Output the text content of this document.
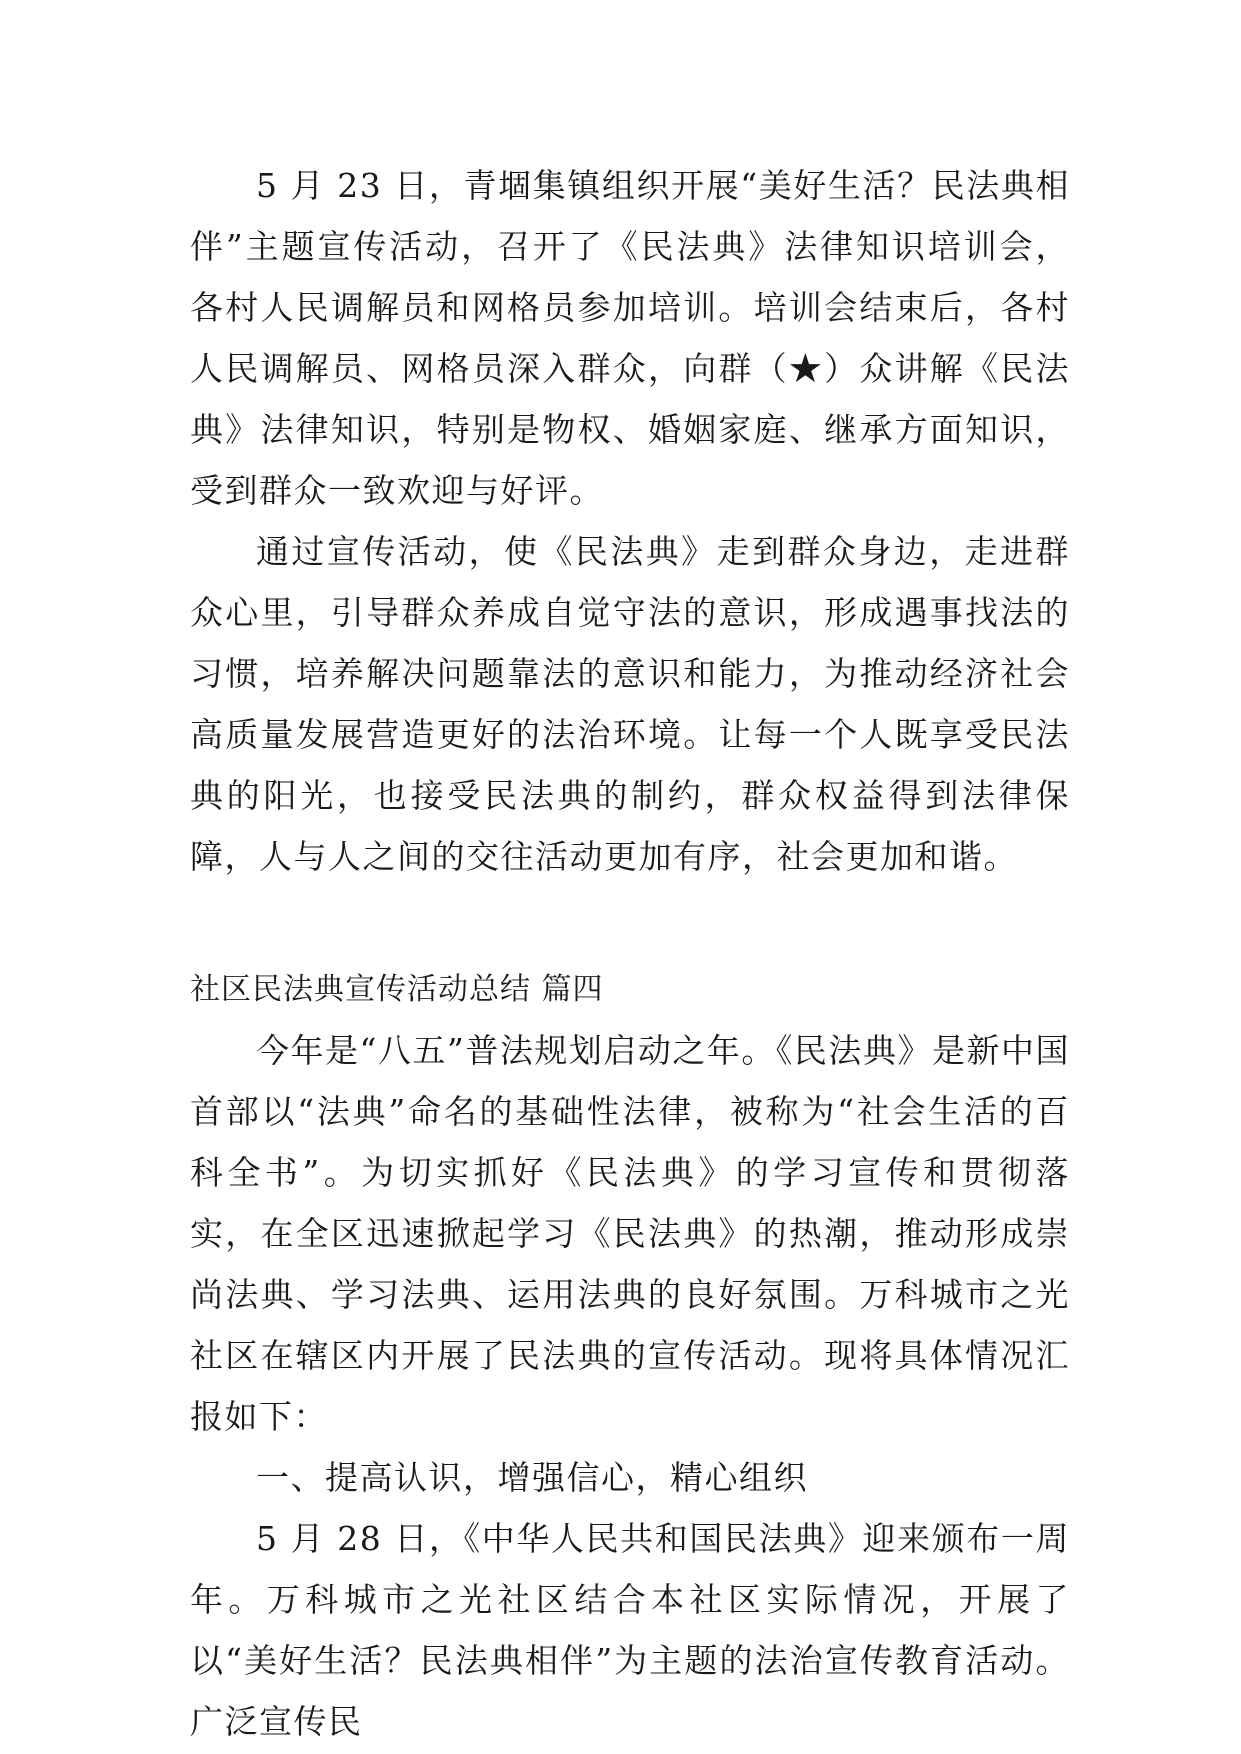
5 月 23 日，青堌集镇组织开展“美好生活？民法典相伴”主题宣传活动，召开了《民法典》法律知识培训会，各村人民调解员和网格员参加培训。培训会结束后，各村人民调解员、网格员深入群众，向群（★）众讲解《民法典》法律知识，特别是物权、婚姻家庭、继承方面知识，受到群众一致欢迎与好评。

通过宣传活动，使《民法典》走到群众身边，走进群众心里，引导群众养成自觉守法的意识，形成遇事找法的习惯，培养解决问题靠法的意识和能力，为推动经济社会高质量发展营造更好的法治环境。让每一个人既享受民法典的阳光，也接受民法典的制约，群众权益得到法律保障，人与人之间的交往活动更加有序，社会更加和谐。

社区民法典宣传活动总结 篇四

今年是“八五”普法规划启动之年。《民法典》是新中国首部以“法典”命名的基础性法律，被称为“社会生活的百科全书”。为切实抓好《民法典》的学习宣传和贯彻落实，在全区迅速掀起学习《民法典》的热潮，推动形成崇尚法典、学习法典、运用法典的良好氛围。万科城市之光社区在辖区内开展了民法典的宣传活动。现将具体情况汇报如下：

一、提高认识，增强信心，精心组织

5 月 28 日，《中华人民共和国民法典》迎来颁布一周年。万科城市之光社区结合本社区实际情况，开展了以“美好生活？民法典相伴”为主题的法治宣传教育活动。广泛宣传民
